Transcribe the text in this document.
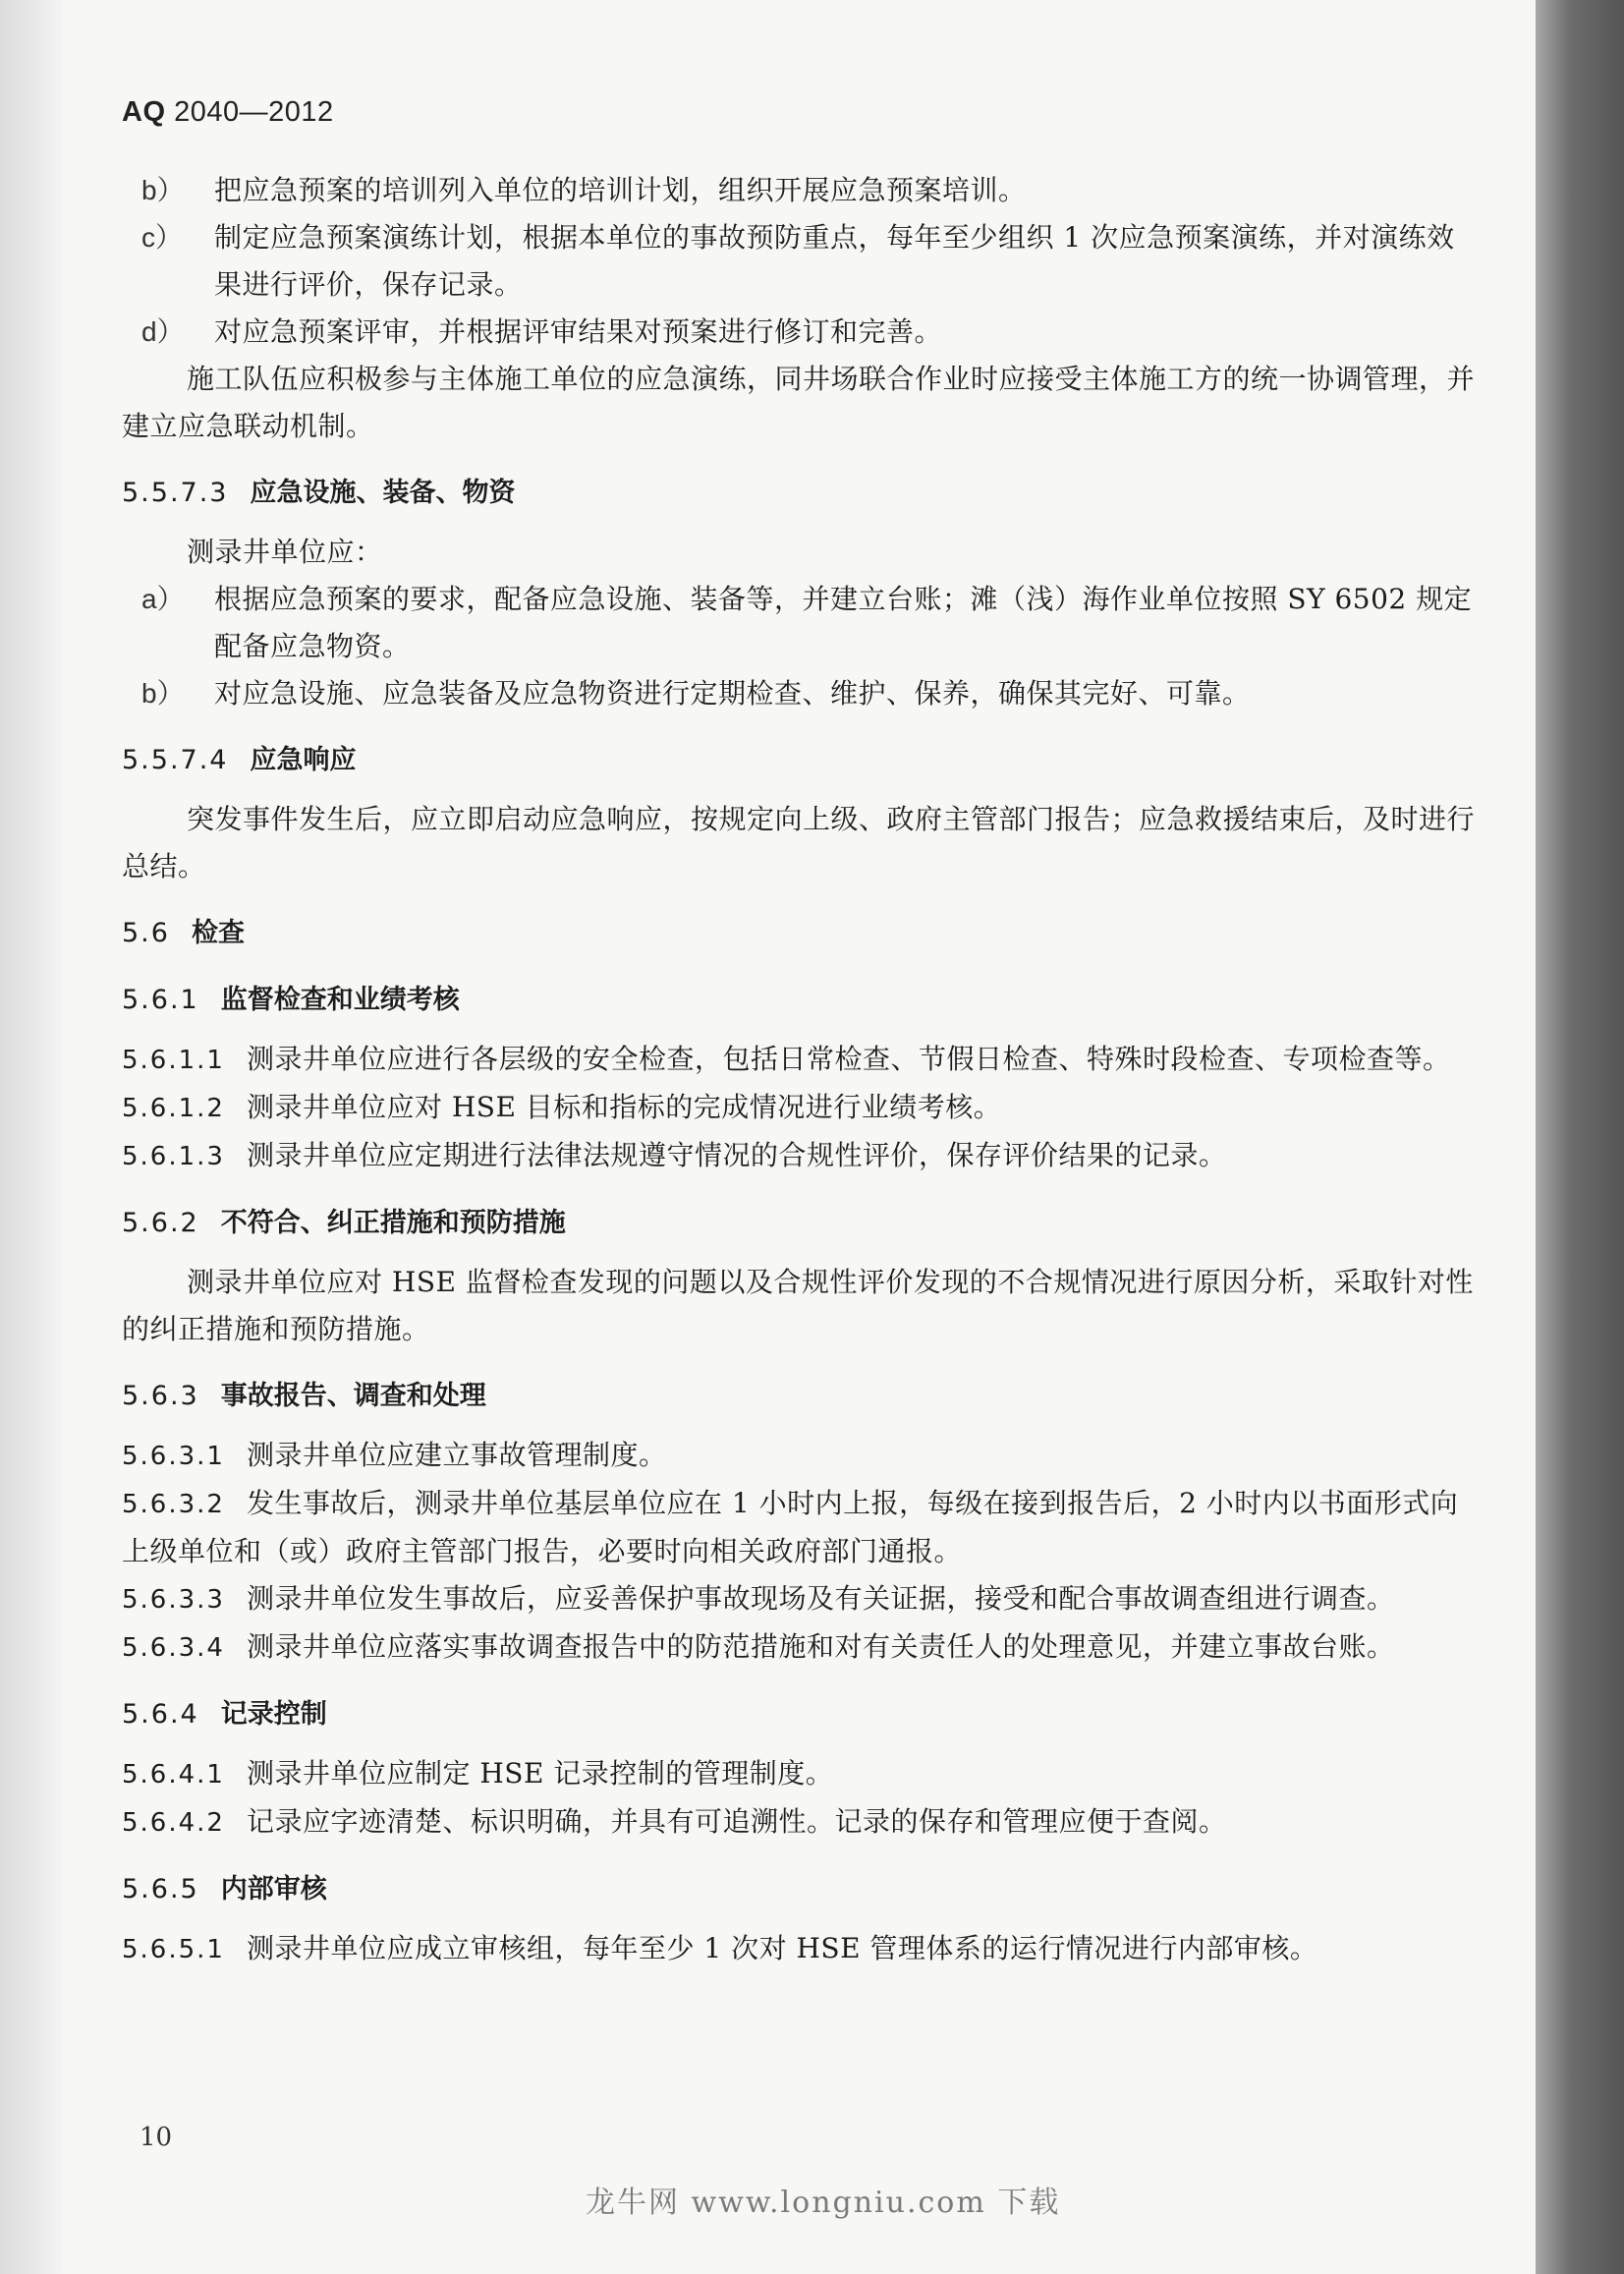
AQ 2040—2012
b）	把应急预案的培训列入单位的培训计划，组织开展应急预案培训。
c）	制定应急预案演练计划，根据本单位的事故预防重点，每年至少组织 1 次应急预案演练，并对演练效果进行评价，保存记录。
d）	对应急预案评审，并根据评审结果对预案进行修订和完善。

施工队伍应积极参与主体施工单位的应急演练，同井场联合作业时应接受主体施工方的统一协调管理，并建立应急联动机制。

5.5.7.3 应急设施、装备、物资

测录井单位应：

a）	根据应急预案的要求，配备应急设施、装备等，并建立台账；滩（浅）海作业单位按照 SY 6502 规定配备应急物资。
b）	对应急设施、应急装备及应急物资进行定期检查、维护、保养，确保其完好、可靠。
5.5.7.4 应急响应

突发事件发生后，应立即启动应急响应，按规定向上级、政府主管部门报告；应急救援结束后，及时进行总结。

5.6 检查
5.6.1 监督检查和业绩考核
5.6.1.1 测录井单位应进行各层级的安全检查，包括日常检查、节假日检查、特殊时段检查、专项检查等。
5.6.1.2 测录井单位应对 HSE 目标和指标的完成情况进行业绩考核。
5.6.1.3 测录井单位应定期进行法律法规遵守情况的合规性评价，保存评价结果的记录。
5.6.2 不符合、纠正措施和预防措施

测录井单位应对 HSE 监督检查发现的问题以及合规性评价发现的不合规情况进行原因分析，采取针对性的纠正措施和预防措施。

5.6.3 事故报告、调查和处理
5.6.3.1 测录井单位应建立事故管理制度。
5.6.3.2 发生事故后，测录井单位基层单位应在 1 小时内上报，每级在接到报告后，2 小时内以书面形式向上级单位和（或）政府主管部门报告，必要时向相关政府部门通报。
5.6.3.3 测录井单位发生事故后，应妥善保护事故现场及有关证据，接受和配合事故调查组进行调查。
5.6.3.4 测录井单位应落实事故调查报告中的防范措施和对有关责任人的处理意见，并建立事故台账。
5.6.4 记录控制
5.6.4.1 测录井单位应制定 HSE 记录控制的管理制度。
5.6.4.2 记录应字迹清楚、标识明确，并具有可追溯性。记录的保存和管理应便于查阅。
5.6.5 内部审核
5.6.5.1 测录井单位应成立审核组，每年至少 1 次对 HSE 管理体系的运行情况进行内部审核。
10
龙牛网 www.longniu.com 下载
